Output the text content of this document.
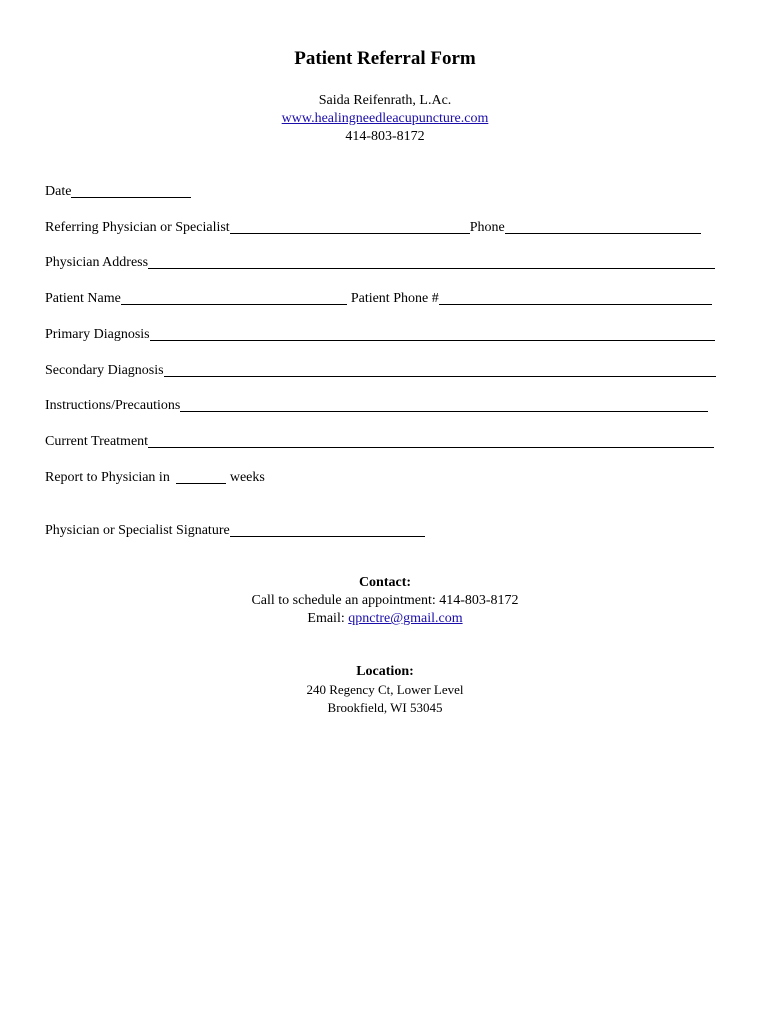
Patient Referral Form
Saida Reifenrath, L.Ac.
www.healingneedleacupuncture.com
414-803-8172
Date
Referring Physician or Specialist	Phone
Physician Address
Patient Name	Patient Phone #
Primary Diagnosis
Secondary Diagnosis
Instructions/Precautions
Current Treatment
Report to Physician in	weeks
Physician or Specialist Signature
Contact:
Call to schedule an appointment: 414-803-8172
Email: qpnctre@gmail.com
Location:
240 Regency Ct, Lower Level
Brookfield, WI 53045
